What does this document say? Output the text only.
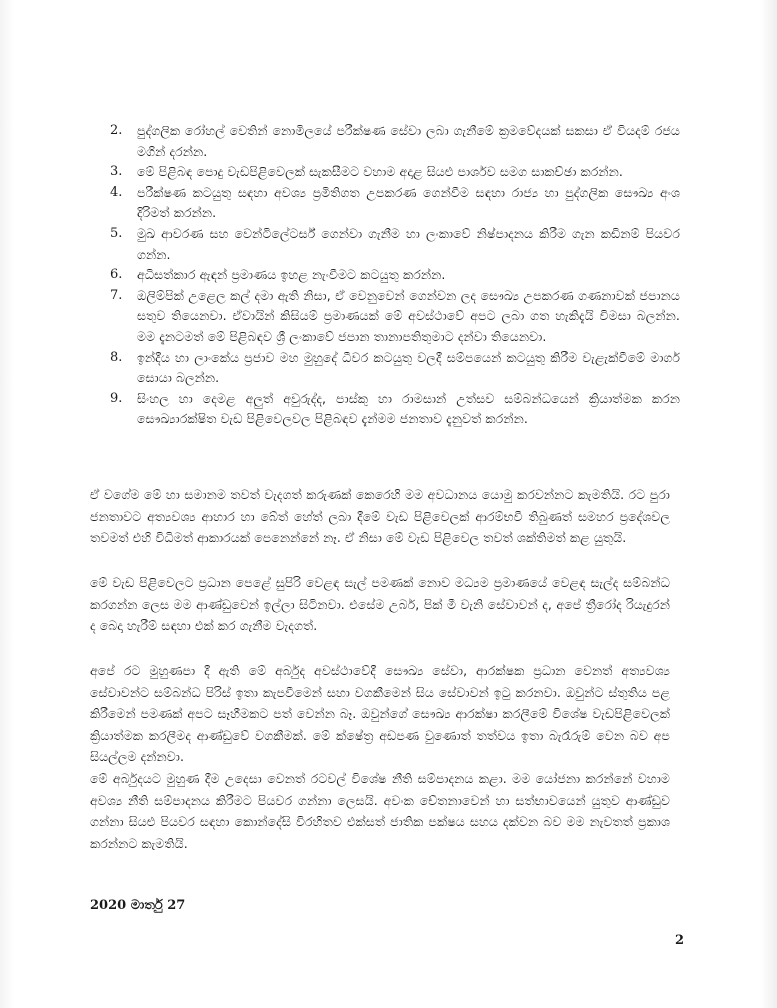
2.	පුද්ගලික රෝහල් වෙතින් නොමිලයේ පරීක්ෂණ සේවා ලබා ගැනීමේ ක්‍රමවේදයක් සකසා ඒ වියදම් රජය මගින් දරන්න.
3.	මේ පිළිබඳ පොදු වැඩපිළිවෙලක් සැකසීමට වහාම අදාළ සියළු පාර්ශව සමග සාකච්ඡා කරන්න.
4.	පරීක්ෂණ කටයුතු සඳහා අවශ්‍ය ප්‍රමිතිගත උපකරණ ගෙන්වීම සඳහා රාජ්‍ය හා පුද්ගලික සෞඛ්‍ය අංශ දිරිමත් කරන්න.
5.	මුඛ ආවරණ සහ වෙන්ටිලේටර්ස් ගෙන්වා ගැනීම හා ලංකාවේ නිෂ්පාදනය කිරීම ගැන කඩිනම් පියවර ගන්න.
6.	අධිසත්කාර ඇඳන් ප්‍රමාණය ඉහළ නැංවීමට කටයුතු කරන්න.
7.	ඔලිම්පික් උළෙල කල් දමා ඇති නිසා, ඒ වෙනුවෙන් ගෙන්වන ලද සෞඛ්‍ය උපකරණ ගණනාවක් ජපානය සතුව තියෙනවා. ඒවායින් කිසියම් ප්‍රමාණයක් මේ අවස්ථාවේ අපට ලබා ගත හැකිදැයි විමසා බලන්න. මම දැනටමත් මේ පිළිබඳව ශ්‍රී ලංකාවේ ජපාන තානාපතිතුමාට දන්වා තියෙනවා.
8.	ඉන්දීය හා ලාංකේය ප්‍රජාව මහ මුහුදේ ධීවර කටයුතු වලදී සම්පයෙන් කටයුතු කිරීම වැළැක්වීමේ මාර්ග සොයා බලන්න.
9.	සිංහල හා දෙමළ අලුත් අවුරුද්ද, පාස්කු හා රාමසාන් උත්සව සම්බන්ධයෙන් ක්‍රියාත්මක කරන සෞඛ්‍යාරක්ෂිත වැඩ පිළිවෙලවල පිළිබඳව දැන්මම ජනතාව දැනුවත් කරන්න.

ඒ වගේම මේ හා සමානම තවත් වැදගත් කරුණක් කෙරෙහි මම අවධානය යොමු කරවන්නට කැමතියි. රට පුරා ජනතාවට අත්‍යවශ්‍ය ආහාර හා බේත් හේත් ලබා දීමේ වැඩ පිළිවෙලක් ආරම්භවී තිබුණත් සමහර ප්‍රදේශවල තවමත් එහි විධිමත් ආකාරයක් පෙනෙන්නේ නෑ. ඒ නිසා මේ වැඩ පිළිවෙල තවත් ශක්තිමත් කළ යුතුයි.

මේ වැඩ පිළිවෙලට ප්‍රධාන පෙළේ සුපිරි වෙළඳ සැල් පමණක් නොව මධ්‍යම ප්‍රමාණයේ වෙළඳ සැල්ද සම්බන්ධ කරගන්න ලෙස මම ආණ්ඩුවෙන් ඉල්ලා සිටිනවා. එසේම උබර්, පික් මී වැනි සේවාවන් ද, අපේ ත්‍රීරෝද රියැදුරන් ද බෙදා හැරීම් සඳහා එක් කර ගැනීම වැදගත්.

අපේ රට මුහුණපා දී ඇති මේ අර්බුද අවස්ථාවේදී සෞඛ්‍ය සේවා, ආරක්ෂක ප්‍රධාන වෙනත් අත්‍යවශ්‍ය සේවාවන්ට සම්බන්ධ පිරිස් ඉතා කැපවීමෙන් සහා වගකීමෙන් සිය සේවාවන් ඉටු කරනවා. ඔවුන්ට ස්තුතිය පළ කිරීමෙන් පමණක් අපට සෑහීමකට පත් වෙන්න බෑ. ඔවුන්ගේ සෞඛ්‍ය ආරක්ෂා කරලීමේ විශේෂ වැඩපිළිවෙලක් ක්‍රියාත්මක කරලීමද ආණ්ඩුවේ වගකීමක්. මේ ක්ෂේත්‍ර අඩපණ වුණොත් තත්වය ඉතා බැරෑරුම් වෙන බව අප සියල්ලම දන්නවා.

මේ අර්බුදයට මුහුණ දීම උදෙසා වෙනත් රටවල් විශේෂ නීති සම්පාදනය කළා. මම යෝජනා කරන්නේ වහාම අවශ්‍ය නීති සම්පාදනය කිරීමට පියවර ගන්නා ලෙසයි. අවංක චේතනාවෙන් හා සත්භාවයෙන් යුතුව ආණ්ඩුව ගන්නා සියළු පියවර සඳහා කොන්දේසි විරහිතව එක්සත් ජාතික පක්ෂය සහය දක්වන බව මම නැවතත් ප්‍රකාශ කරන්නට කැමතියි.

2020 මාර්තු 27
2
